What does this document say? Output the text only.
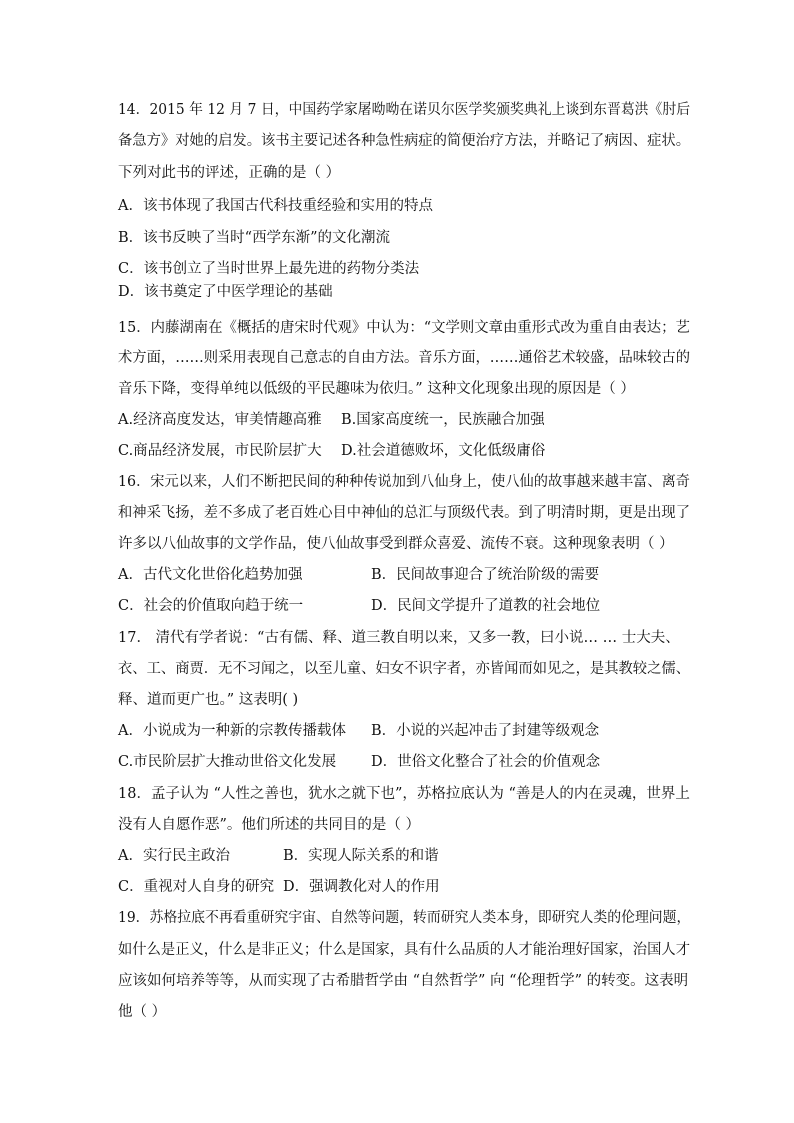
14．2015 年 12 月 7 日，中国药学家屠呦呦在诺贝尔医学奖颁奖典礼上谈到东晋葛洪《肘后
备急方》对她的启发。该书主要记述各种急性病症的简便治疗方法，并略记了病因、症状。
下列对此书的评述，正确的是（ ）
A．该书体现了我国古代科技重经验和实用的特点
B．该书反映了当时“西学东渐”的文化潮流
C．该书创立了当时世界上最先进的药物分类法
D．该书奠定了中医学理论的基础
15．内藤湖南在《概括的唐宋时代观》中认为：“文学则文章由重形式改为重自由表达；艺
术方面，……则采用表现自己意志的自由方法。音乐方面，……通俗艺术较盛，品味较古的
音乐下降，变得单纯以低级的平民趣味为依归。” 这种文化现象出现的原因是（ ）
A.经济高度发达，审美情趣高雅 B.国家高度统一，民族融合加强
C.商品经济发展，市民阶层扩大 D.社会道德败坏，文化低级庸俗
16．宋元以来，人们不断把民间的种种传说加到八仙身上，使八仙的故事越来越丰富、离奇
和神采飞扬，差不多成了老百姓心目中神仙的总汇与顶级代表。到了明清时期，更是出现了
许多以八仙故事的文学作品，使八仙故事受到群众喜爱、流传不衰。这种现象表明（ ）
A．古代文化世俗化趋势加强	B．民间故事迎合了统治阶级的需要
C．社会的价值取向趋于统一	D．民间文学提升了道教的社会地位
17． 清代有学者说：“古有儒、释、道三教自明以来，又多一教，曰小说… … 士大夫、
衣、工、商贾．无不习闻之，以至儿童、妇女不识字者，亦皆闻而如见之，是其教较之儒、
释、道而更广也。” 这表明( )
A．小说成为一种新的宗教传播载体 B．小说的兴起冲击了封建等级观念
C.市民阶层扩大推动世俗文化发展 D．世俗文化整合了社会的价值观念
18．孟子认为 “人性之善也，犹水之就下也”，苏格拉底认为 “善是人的内在灵魂，世界上
没有人自愿作恶”。他们所述的共同目的是（ ）
A．实行民主政治	B．实现人际关系的和谐
C．重视对人自身的研究 D．强调教化对人的作用
19．苏格拉底不再看重研究宇宙、自然等问题，转而研究人类本身，即研究人类的伦理问题，
如什么是正义，什么是非正义；什么是国家，具有什么品质的人才能治理好国家，治国人才
应该如何培养等等，从而实现了古希腊哲学由 “自然哲学” 向 “伦理哲学” 的转变。这表明
他（ ）
